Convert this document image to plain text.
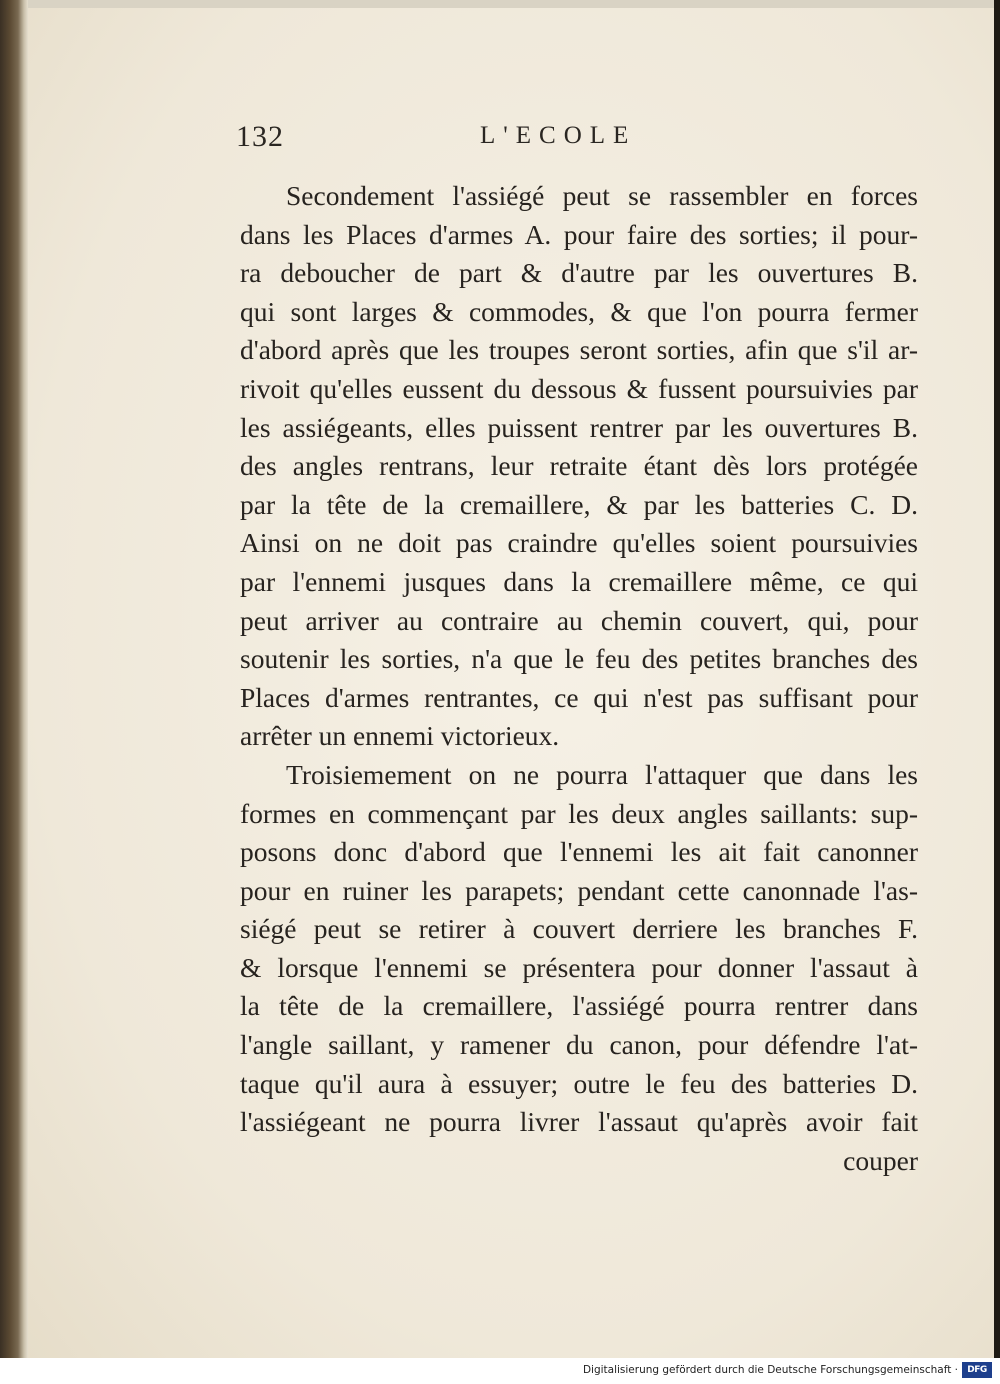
132	L'ECOLE
Secondement l'assiégé peut se rassembler en forces
dans les Places d'armes A. pour faire des sorties; il pour-
ra deboucher de part & d'autre par les ouvertures B.
qui sont larges & commodes, & que l'on pourra fermer
d'abord après que les troupes seront sorties, afin que s'il ar-
rivoit qu'elles eussent du dessous & fussent poursuivies par
les assiégeants, elles puissent rentrer par les ouvertures B.
des angles rentrans, leur retraite étant dès lors protégée
par la tête de la cremaillere, & par les batteries C. D.
Ainsi on ne doit pas craindre qu'elles soient poursuivies
par l'ennemi jusques dans la cremaillere même, ce qui
peut arriver au contraire au chemin couvert, qui, pour
soutenir les sorties, n'a que le feu des petites branches des
Places d'armes rentrantes, ce qui n'est pas suffisant pour
arrêter un ennemi victorieux.
Troisiemement on ne pourra l'attaquer que dans les
formes en commençant par les deux angles saillants: sup-
posons donc d'abord que l'ennemi les ait fait canonner
pour en ruiner les parapets; pendant cette canonnade l'as-
siégé peut se retirer à couvert derriere les branches F.
& lorsque l'ennemi se présentera pour donner l'assaut à
la tête de la cremaillere, l'assiégé pourra rentrer dans
l'angle saillant, y ramener du canon, pour défendre l'at-
taque qu'il aura à essuyer; outre le feu des batteries D.
l'assiégeant ne pourra livrer l'assaut qu'après avoir fait
couper
Digitalisierung gefördert durch die Deutsche Forschungsgemeinschaft ·	DFG
